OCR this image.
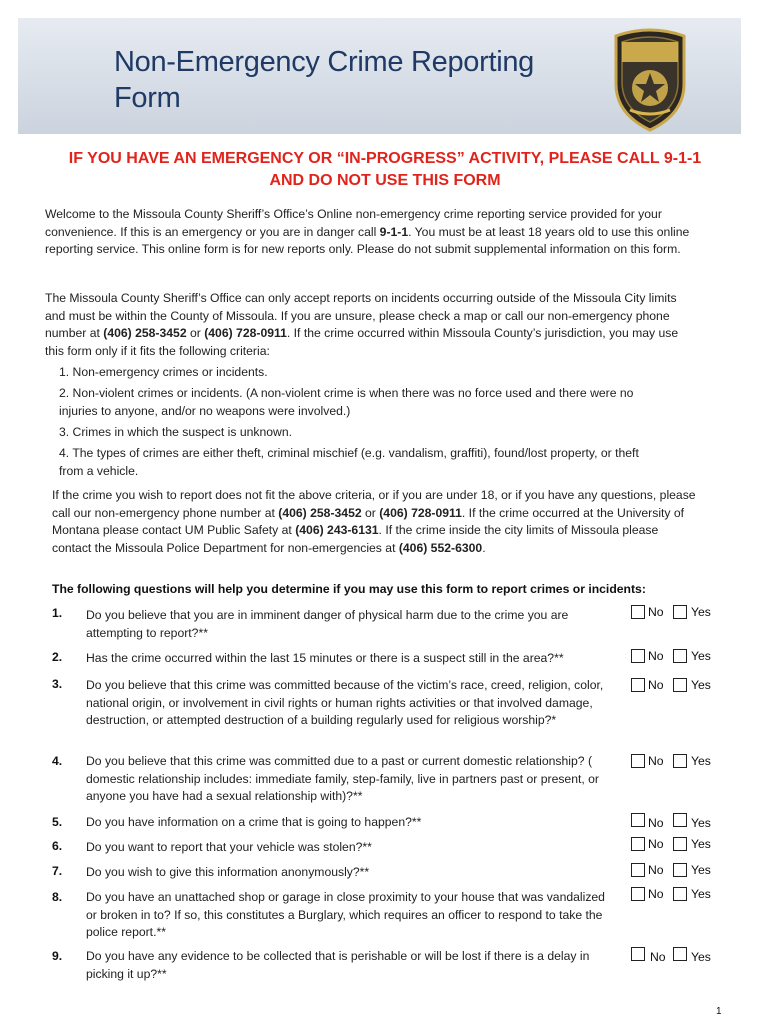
Non-Emergency Crime Reporting
Form
IF YOU HAVE AN EMERGENCY OR “IN-PROGRESS” ACTIVITY, PLEASE CALL 9-1-1
AND DO NOT USE THIS FORM
Welcome to the Missoula County Sheriff’s Office’s Online non-emergency crime reporting service provided for your convenience. If this is an emergency or you are in danger call 9-1-1. You must be at least 18 years old to use this online reporting service. This online form is for new reports only. Please do not submit supplemental information on this form.
The Missoula County Sheriff’s Office can only accept reports on incidents occurring outside of the Missoula City limits and must be within the County of Missoula. If you are unsure, please check a map or call our non-emergency phone number at (406) 258-3452 or (406) 728-0911. If the crime occurred within Missoula County’s jurisdiction, you may use this form only if it fits the following criteria:
1. Non-emergency crimes or incidents.
2. Non-violent crimes or incidents. (A non-violent crime is when there was no force used and there were no injuries to anyone, and/or no weapons were involved.)
3. Crimes in which the suspect is unknown.
4. The types of crimes are either theft, criminal mischief (e.g. vandalism, graffiti), found/lost property, or theft from a vehicle.
If the crime you wish to report does not fit the above criteria, or if you are under 18, or if you have any questions, please call our non-emergency phone number at (406) 258-3452 or (406) 728-0911. If the crime occurred at the University of Montana please contact UM Public Safety at (406) 243-6131. If the crime inside the city limits of Missoula please contact the Missoula Police Department for non-emergencies at (406) 552-6300.
The following questions will help you determine if you may use this form to report crimes or incidents:
1.	Do you believe that you are in imminent danger of physical harm due to the crime you are attempting to report?**
No Yes
2.	Has the crime occurred within the last 15 minutes or there is a suspect still in the area?**	No Yes
3.	Do you believe that this crime was committed because of the victim’s race, creed, religion, color, national origin, or involvement in civil rights or human rights activities or that involved damage, destruction, or attempted destruction of a building regularly used for religious worship?*
No Yes
4.	Do you believe that this crime was committed due to a past or current domestic relationship? ( domestic relationship includes: immediate family, step-family, live in partners past or present, or anyone you have had a sexual relationship with)?**
No Yes
5.	Do you have information on a crime that is going to happen?**	No Yes
6.	Do you want to report that your vehicle was stolen?**	No Yes
7.	Do you wish to give this information anonymously?**	No Yes
8.	Do you have an unattached shop or garage in close proximity to your house that was vandalized or broken in to? If so, this constitutes a Burglary, which requires an officer to respond to take the police report.**
No Yes
9.	Do you have any evidence to be collected that is perishable or will be lost if there is a delay in picking it up?**
No Yes
1
